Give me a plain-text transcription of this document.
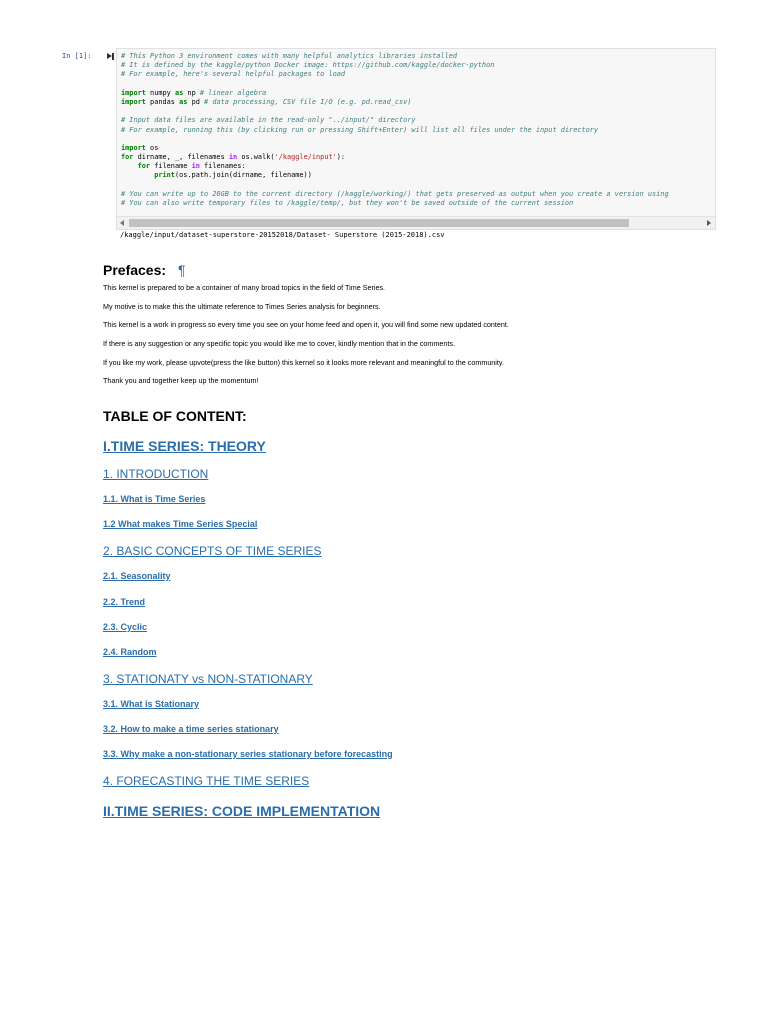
In [1]:	# This Python 3 environment comes with many helpful analytics libraries installed
# It is defined by the kaggle/python Docker image: https://github.com/kaggle/docker-python
# For example, here's several helpful packages to load
import numpy as np # linear algebra
import pandas as pd # data processing, CSV file I/O (e.g. pd.read_csv)
# Input data files are available in the read-only "../input/" directory
# For example, running this (by clicking run or pressing Shift+Enter) will list all files under the input directory
import os
for dirname, _, filenames in os.walk('/kaggle/input'):
for filename in filenames:
print(os.path.join(dirname, filename))
# You can write up to 20GB to the current directory (/kaggle/working/) that gets preserved as output when you create a version using
# You can also write temporary files to /kaggle/temp/, but they won't be saved outside of the current session
/kaggle/input/dataset-superstore-20152018/Dataset- Superstore (2015-2018).csv
Prefaces: ¶

This kernel is prepared to be a container of many broad topics in the field of Time Series.

My motive is to make this the ultimate reference to Times Series analysis for beginners.

This kernel is a work in progress so every time you see on your home feed and open it, you will find some new updated content.

If there is any suggestion or any specific topic you would like me to cover, kindly mention that in the comments.

If you like my work, please upvote(press the like button) this kernel so it looks more relevant and meaningful to the community.

Thank you and together keep up the momentum!

TABLE OF CONTENT:
I.TIME SERIES: THEORY
1. INTRODUCTION
1.1. What is Time Series
1.2 What makes Time Series Special
2. BASIC CONCEPTS OF TIME SERIES
2.1. Seasonality
2.2. Trend
2.3. Cyclic
2.4. Random
3. STATIONATY vs NON-STATIONARY
3.1. What is Stationary
3.2. How to make a time series stationary
3.3. Why make a non-stationary series stationary before forecasting
4. FORECASTING THE TIME SERIES
II.TIME SERIES: CODE IMPLEMENTATION
